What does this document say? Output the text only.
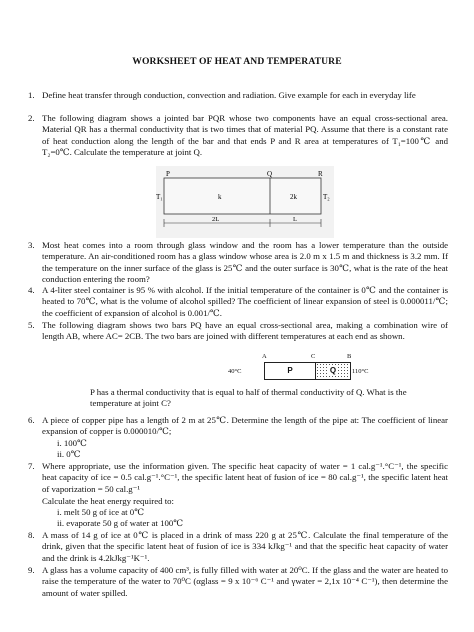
WORKSHEET OF HEAT AND TEMPERATURE
1. Define heat transfer through conduction, convection and radiation. Give example for each in everyday life
2. The following diagram shows a jointed bar PQR whose two components have an equal cross-sectional area. Material QR has a thermal conductivity that is two times that of material PQ. Assume that there is a constant rate of heat conduction along the length of the bar and that ends P and R area at temperatures of T₁=100℃ and T₂=0℃. Calculate the temperature at joint Q.
P	Q	R
T₁	T₂
k	2k
2L	L
3. Most heat comes into a room through glass window and the room has a lower temperature than the outside temperature. An air-conditioned room has a glass window whose area is 2.0 m x 1.5 m and thickness is 3.2 mm. If the temperature on the inner surface of the glass is 25℃ and the outer surface is 30℃, what is the rate of the heat conduction entering the room?
4. A 4-liter steel container is 95 % with alcohol. If the initial temperature of the container is 0℃ and the container is heated to 70℃, what is the volume of alcohol spilled? The coefficient of linear expansion of steel is 0.000011/℃; the coefficient of expansion of alcohol is 0.001/℃.
5. The following diagram shows two bars PQ have an equal cross-sectional area, making a combination wire of length AB, where AC= 2CB. The two bars are joined with different temperatures at each end as shown.
A	C	B
40°C	P	Q	110°C
P has a thermal conductivity that is equal to half of thermal conductivity of Q. What is the temperature at joint C?
6. A piece of copper pipe has a length of 2 m at 25℃. Determine the length of the pipe at: The coefficient of linear expansion of copper is 0.000010/℃;
i. 100℃
ii. 0℃
7. Where appropriate, use the information given. The specific heat capacity of water = 1 cal.g⁻¹.°C⁻¹, the specific heat capacity of ice = 0.5 cal.g⁻¹.°C⁻¹, the specific latent heat of fusion of ice = 80 cal.g⁻¹, the specific latent heat of vaporization = 50 cal.g⁻¹
Calculate the heat energy required to:
i. melt 50 g of ice at 0℃
ii. evaporate 50 g of water at 100℃
8. A mass of 14 g of ice at 0℃ is placed in a drink of mass 220 g at 25℃. Calculate the final temperature of the drink, given that the specific latent heat of fusion of ice is 334 kJkg⁻¹ and that the specific heat capacity of water and the drink is 4.2kJkg⁻¹K⁻¹.
9. A glass has a volume capacity of 400 cm³, is fully filled with water at 20⁰C. If the glass and the water are heated to raise the temperature of the water to 70⁰C (αglass = 9 x 10⁻⁶ C⁻¹ and γwater = 2,1x 10⁻⁴ C⁻¹), then determine the amount of water spilled.
